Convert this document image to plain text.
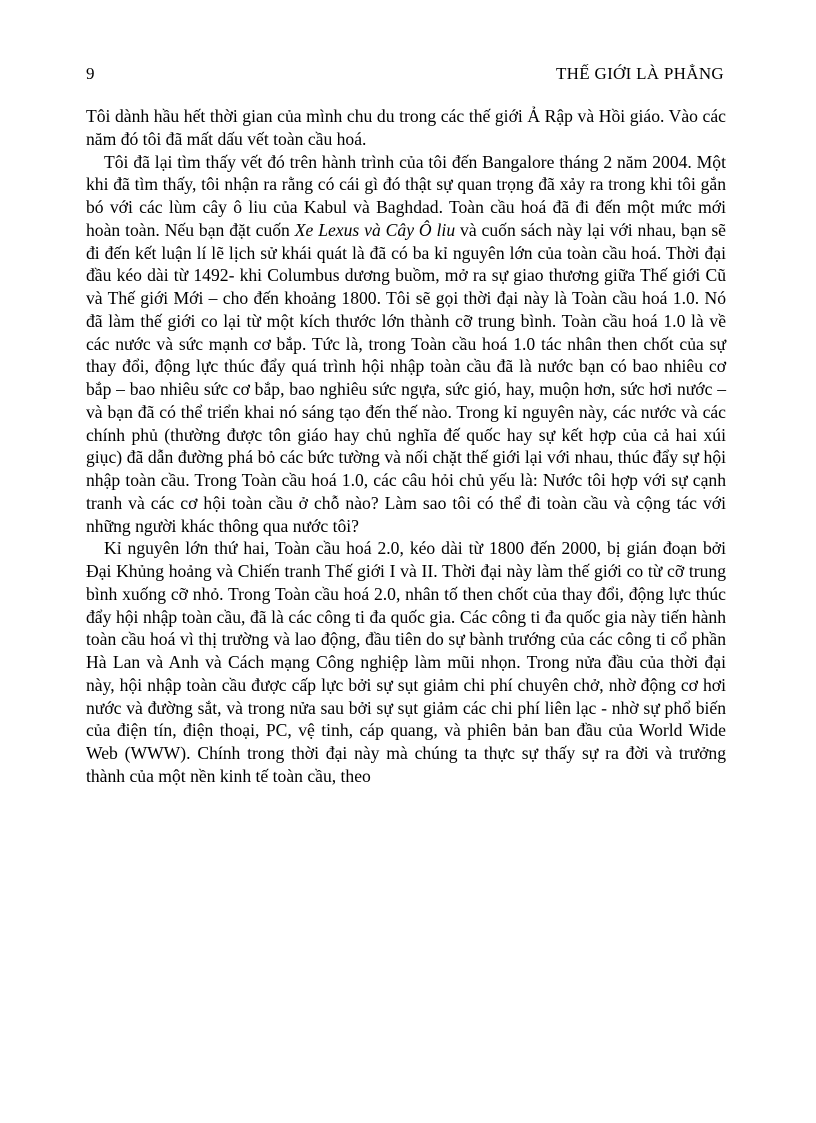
9	THẾ GIỚI LÀ PHẲNG

Tôi dành hầu hết thời gian của mình chu du trong các thế giới Ả Rập và Hồi giáo. Vào các năm đó tôi đã mất dấu vết toàn cầu hoá.

Tôi đã lại tìm thấy vết đó trên hành trình của tôi đến Bangalore tháng 2 năm 2004. Một khi đã tìm thấy, tôi nhận ra rằng có cái gì đó thật sự quan trọng đã xảy ra trong khi tôi gắn bó với các lùm cây ô liu của Kabul và Baghdad. Toàn cầu hoá đã đi đến một mức mới hoàn toàn. Nếu bạn đặt cuốn Xe Lexus và Cây Ô liu và cuốn sách này lại với nhau, bạn sẽ đi đến kết luận lí lẽ lịch sử khái quát là đã có ba kỉ nguyên lớn của toàn cầu hoá. Thời đại đầu kéo dài từ 1492- khi Columbus dương buồm, mở ra sự giao thương giữa Thế giới Cũ và Thế giới Mới – cho đến khoảng 1800. Tôi sẽ gọi thời đại này là Toàn cầu hoá 1.0. Nó đã làm thế giới co lại từ một kích thước lớn thành cỡ trung bình. Toàn cầu hoá 1.0 là về các nước và sức mạnh cơ bắp. Tức là, trong Toàn cầu hoá 1.0 tác nhân then chốt của sự thay đổi, động lực thúc đẩy quá trình hội nhập toàn cầu đã là nước bạn có bao nhiêu cơ bắp – bao nhiêu sức cơ bắp, bao nghiêu sức ngựa, sức gió, hay, muộn hơn, sức hơi nước – và bạn đã có thể triển khai nó sáng tạo đến thế nào. Trong kỉ nguyên này, các nước và các chính phủ (thường được tôn giáo hay chủ nghĩa đế quốc hay sự kết hợp của cả hai xúi giục) đã dẫn đường phá bỏ các bức tường và nối chặt thế giới lại với nhau, thúc đẩy sự hội nhập toàn cầu. Trong Toàn cầu hoá 1.0, các câu hỏi chủ yếu là: Nước tôi hợp với sự cạnh tranh và các cơ hội toàn cầu ở chỗ nào? Làm sao tôi có thể đi toàn cầu và cộng tác với những người khác thông qua nước tôi?

Kỉ nguyên lớn thứ hai, Toàn cầu hoá 2.0, kéo dài từ 1800 đến 2000, bị gián đoạn bởi Đại Khủng hoảng và Chiến tranh Thế giới I và II. Thời đại này làm thế giới co từ cỡ trung bình xuống cỡ nhỏ. Trong Toàn cầu hoá 2.0, nhân tố then chốt của thay đổi, động lực thúc đẩy hội nhập toàn cầu, đã là các công ti đa quốc gia. Các công ti đa quốc gia này tiến hành toàn cầu hoá vì thị trường và lao động, đầu tiên do sự bành trướng của các công ti cổ phần Hà Lan và Anh và Cách mạng Công nghiệp làm mũi nhọn. Trong nửa đầu của thời đại này, hội nhập toàn cầu được cấp lực bởi sự sụt giảm chi phí chuyên chở, nhờ động cơ hơi nước và đường sắt, và trong nửa sau bởi sự sụt giảm các chi phí liên lạc - nhờ sự phổ biến của điện tín, điện thoại, PC, vệ tinh, cáp quang, và phiên bản ban đầu của World Wide Web (WWW). Chính trong thời đại này mà chúng ta thực sự thấy sự ra đời và trưởng thành của một nền kinh tế toàn cầu, theo
